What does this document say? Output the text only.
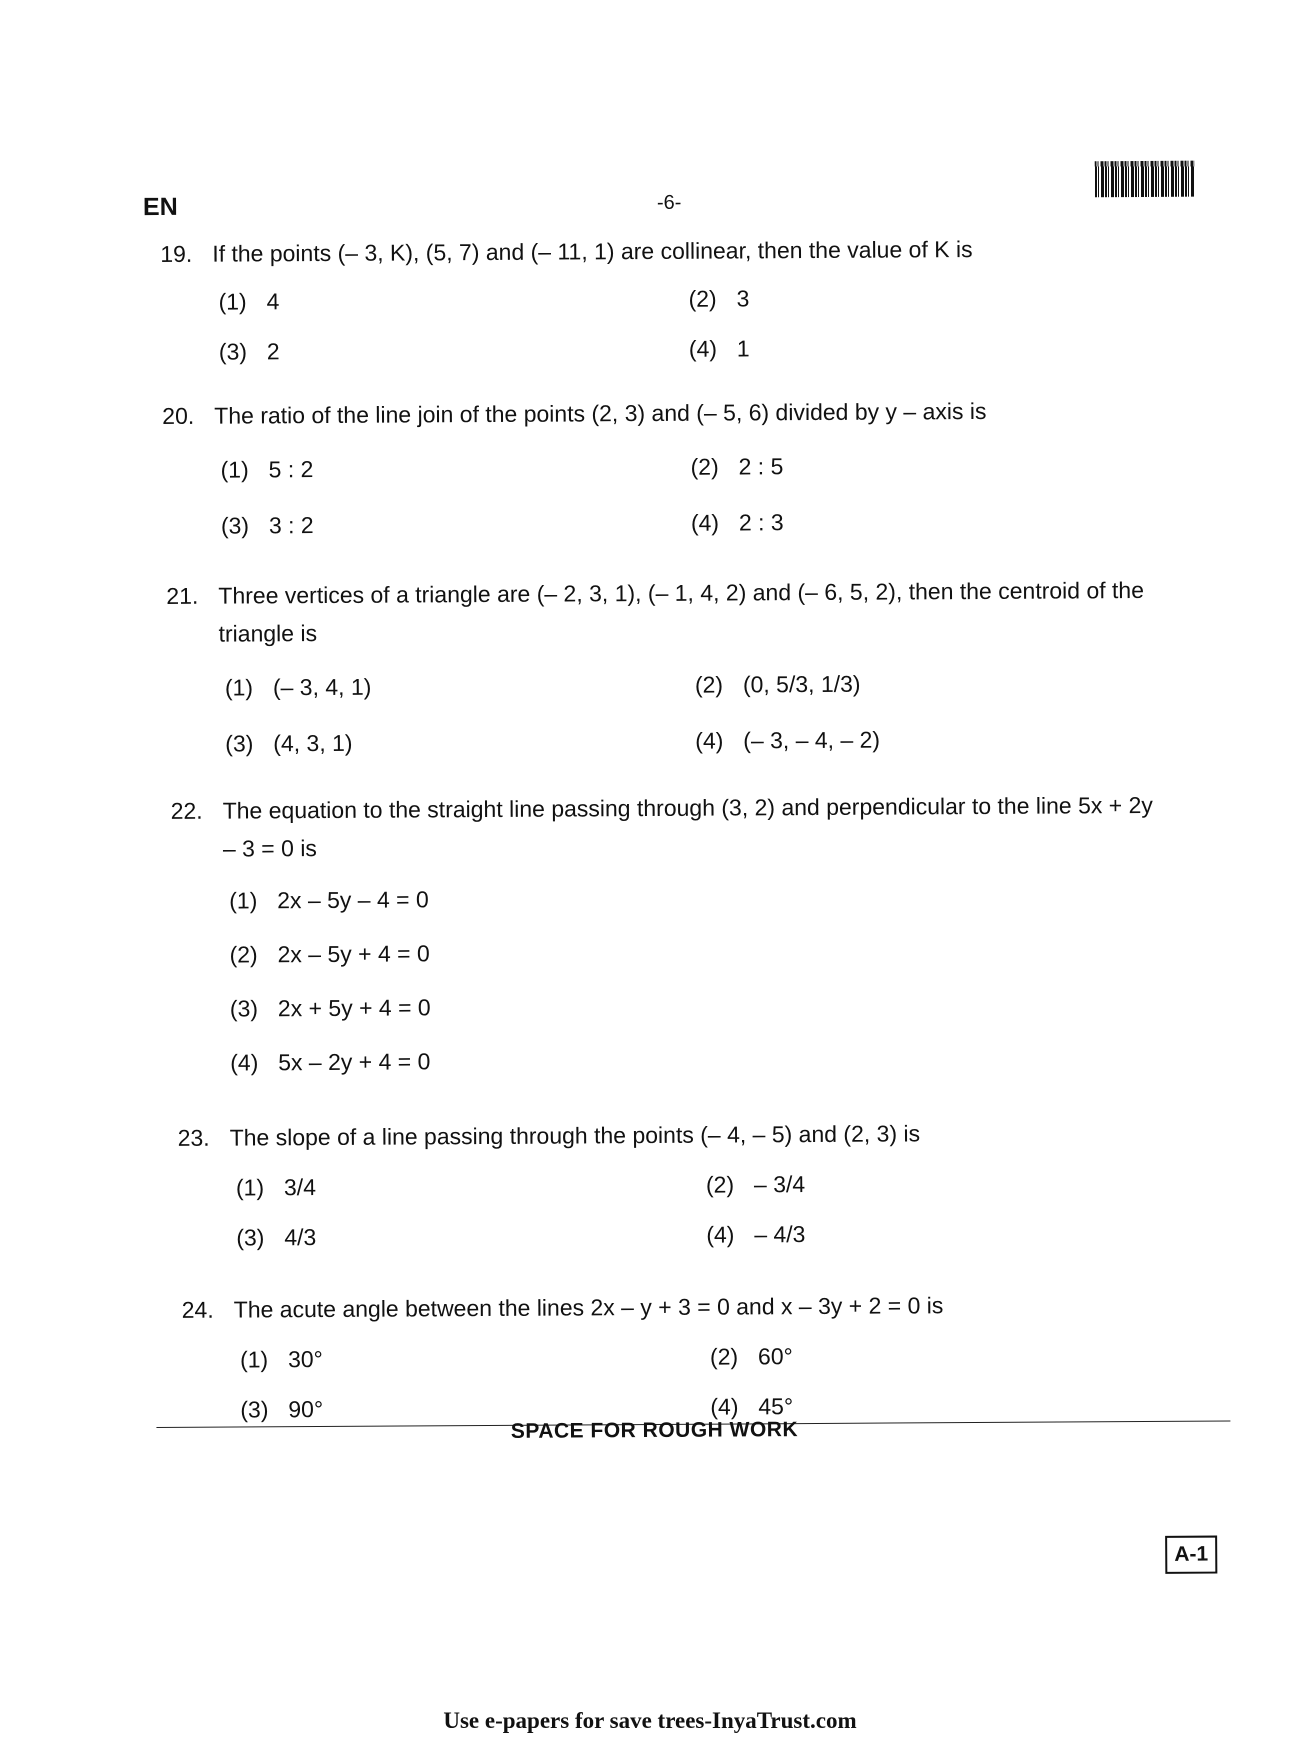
EN	-6-
19. If the points (– 3, K), (5, 7) and (– 11, 1) are collinear, then the value of K is
(1) 4	(2) 3
(3) 2	(4) 1
20. The ratio of the line join of the points (2, 3) and (– 5, 6) divided by y – axis is
(1) 5 : 2	(2) 2 : 5
(3) 3 : 2	(4) 2 : 3
21. Three vertices of a triangle are (– 2, 3, 1), (– 1, 4, 2) and (– 6, 5, 2), then the centroid of the triangle is
(1) (– 3, 4, 1)	(2) (0, 5/3, 1/3)
(3) (4, 3, 1)	(4) (– 3, – 4, – 2)
22. The equation to the straight line passing through (3, 2) and perpendicular to the line 5x + 2y – 3 = 0 is
(1) 2x – 5y – 4 = 0
(2) 2x – 5y + 4 = 0
(3) 2x + 5y + 4 = 0
(4) 5x – 2y + 4 = 0
23. The slope of a line passing through the points (– 4, – 5) and (2, 3) is
(1) 3/4	(2) – 3/4
(3) 4/3	(4) – 4/3
24. The acute angle between the lines 2x – y + 3 = 0 and x – 3y + 2 = 0 is
(1) 30°	(2) 60°
(3) 90°	(4) 45°
SPACE FOR ROUGH WORK
A-1
Use e-papers for save trees-InyaTrust.com
